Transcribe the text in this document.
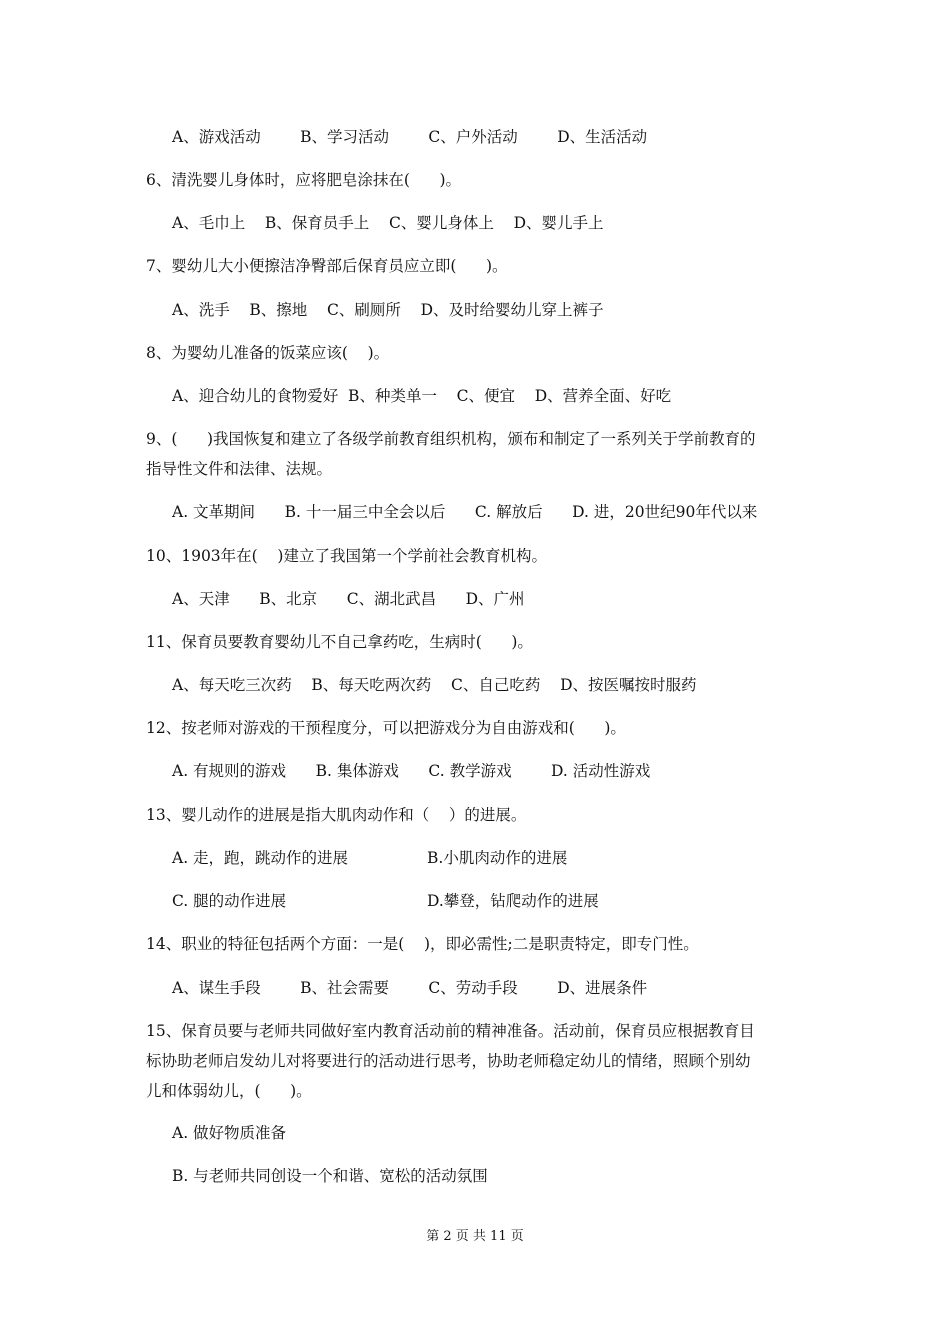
A、游戏活动        B、学习活动        C、户外活动        D、生活活动
6、清洗婴儿身体时，应将肥皂涂抹在(      )。
A、毛巾上    B、保育员手上    C、婴儿身体上    D、婴儿手上
7、婴幼儿大小便擦洁净臀部后保育员应立即(      )。
A、洗手    B、擦地    C、刷厕所    D、及时给婴幼儿穿上裤子
8、为婴幼儿准备的饭菜应该(    )。
A、迎合幼儿的食物爱好  B、种类单一    C、便宜    D、营养全面、好吃
9、(      )我国恢复和建立了各级学前教育组织机构，颁布和制定了一系列关于学前教育的
指导性文件和法律、法规。
A. 文革期间      B. 十一届三中全会以后      C. 解放后      D. 进，20世纪90年代以来
10、1903年在(    )建立了我国第一个学前社会教育机构。
A、天津      B、北京      C、湖北武昌      D、广州
11、保育员要教育婴幼儿不自己拿药吃，生病时(      )。
A、每天吃三次药    B、每天吃两次药    C、自己吃药    D、按医嘱按时服药
12、按老师对游戏的干预程度分，可以把游戏分为自由游戏和(      )。
A. 有规则的游戏      B. 集体游戏      C. 教学游戏        D. 活动性游戏
13、婴儿动作的进展是指大肌肉动作和（    ）的进展。
A. 走，跑，跳动作的进展	B.小肌肉动作的进展
C. 腿的动作进展	D.攀登，钻爬动作的进展
14、职业的特征包括两个方面：一是(    )，即必需性;二是职责特定，即专门性。
A、谋生手段        B、社会需要        C、劳动手段        D、进展条件
15、保育员要与老师共同做好室内教育活动前的精神准备。活动前，保育员应根据教育目
标协助老师启发幼儿对将要进行的活动进行思考，协助老师稳定幼儿的情绪，照顾个别幼
儿和体弱幼儿，(      )。
A. 做好物质准备
B. 与老师共同创设一个和谐、宽松的活动氛围
第 2 页 共 11 页
